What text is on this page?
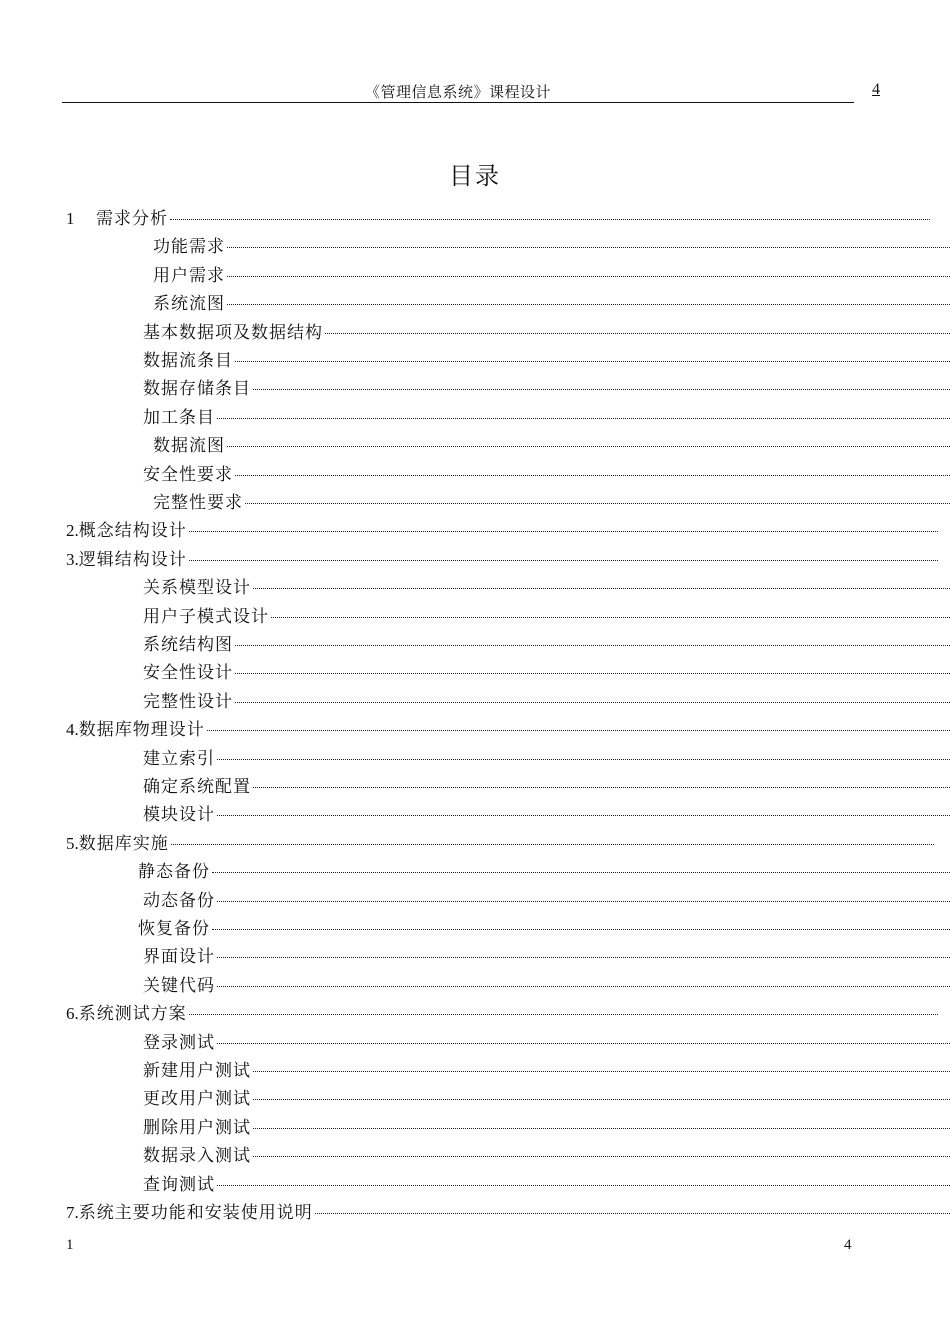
《管理信息系统》课程设计	4
目录
1	需求分析
功能需求
用户需求
系统流图
基本数据项及数据结构
数据流条目
数据存储条目
加工条目
数据流图
安全性要求
完整性要求
2. 概念结构设计
3. 逻辑结构设计
关系模型设计
用户子模式设计
系统结构图
安全性设计
完整性设计
4. 数据库物理设计
建立索引
确定系统配置
模块设计
5. 数据库实施
静态备份
动态备份
恢复备份
界面设计
关键代码
6. 系统测试方案
登录测试
新建用户测试
更改用户测试
删除用户测试
数据录入测试
查询测试
7. 系统主要功能和安装使用说明
1	4
